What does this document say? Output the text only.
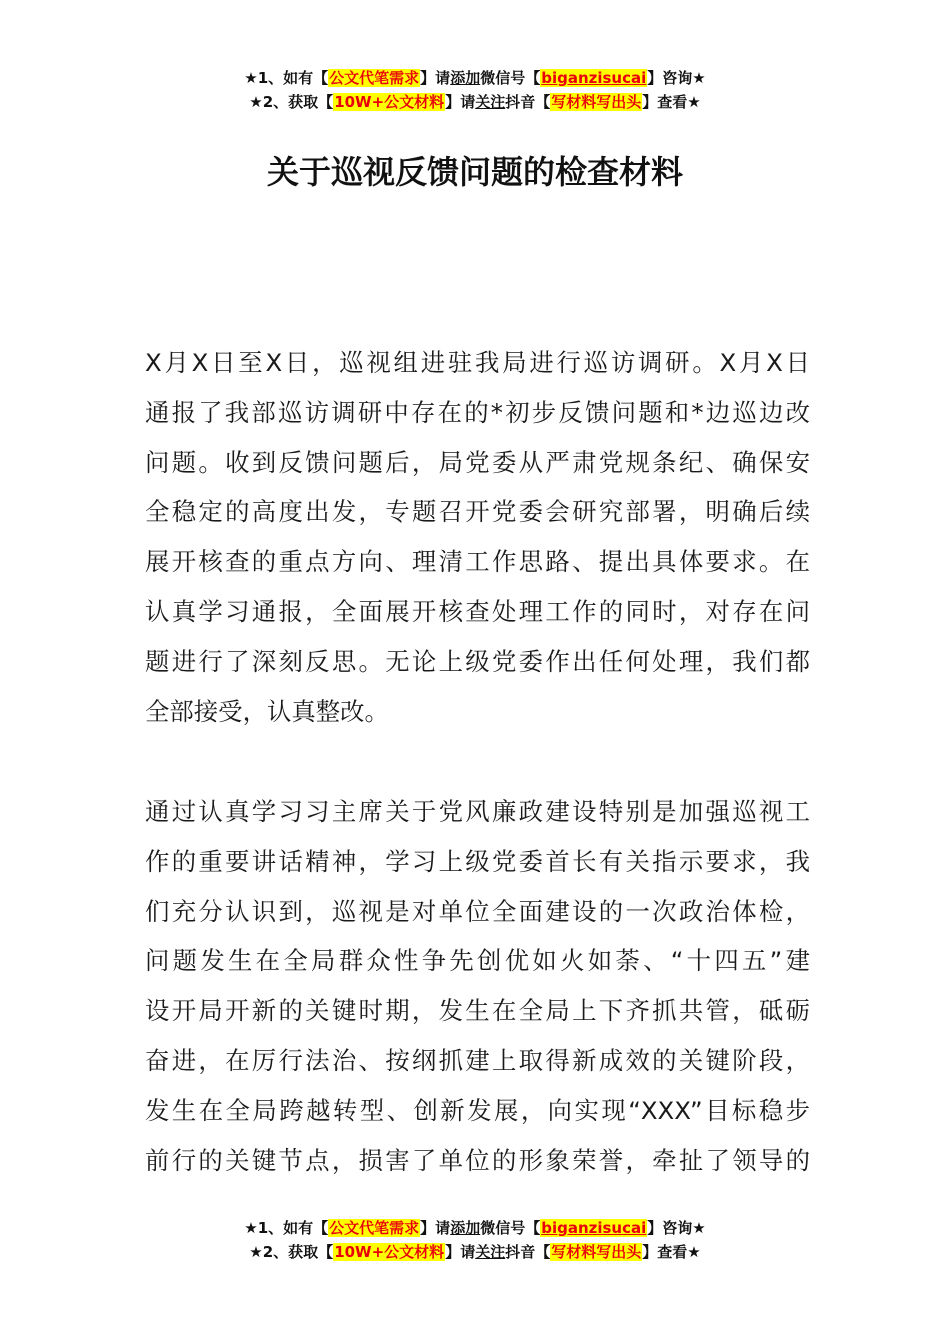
★1、如有【公文代笔需求】请添加微信号【biganzisucai】咨询★
★2、获取【10W+公文材料】请关注抖音【写材料写出头】查看★
关于巡视反馈问题的检查材料
X月X日至X日，巡视组进驻我局进行巡访调研。X月X日
通报了我部巡访调研中存在的*初步反馈问题和*边巡边改
问题。收到反馈问题后，局党委从严肃党规条纪、确保安
全稳定的高度出发，专题召开党委会研究部署，明确后续
展开核查的重点方向、理清工作思路、提出具体要求。在
认真学习通报，全面展开核查处理工作的同时，对存在问
题进行了深刻反思。无论上级党委作出任何处理，我们都
全部接受，认真整改。
通过认真学习习主席关于党风廉政建设特别是加强巡视工
作的重要讲话精神，学习上级党委首长有关指示要求，我
们充分认识到，巡视是对单位全面建设的一次政治体检，
问题发生在全局群众性争先创优如火如荼、“十四五”建
设开局开新的关键时期，发生在全局上下齐抓共管，砥砺
奋进，在厉行法治、按纲抓建上取得新成效的关键阶段，
发生在全局跨越转型、创新发展，向实现“XXX”目标稳步
前行的关键节点，损害了单位的形象荣誉，牵扯了领导的
★1、如有【公文代笔需求】请添加微信号【biganzisucai】咨询★
★2、获取【10W+公文材料】请关注抖音【写材料写出头】查看★
